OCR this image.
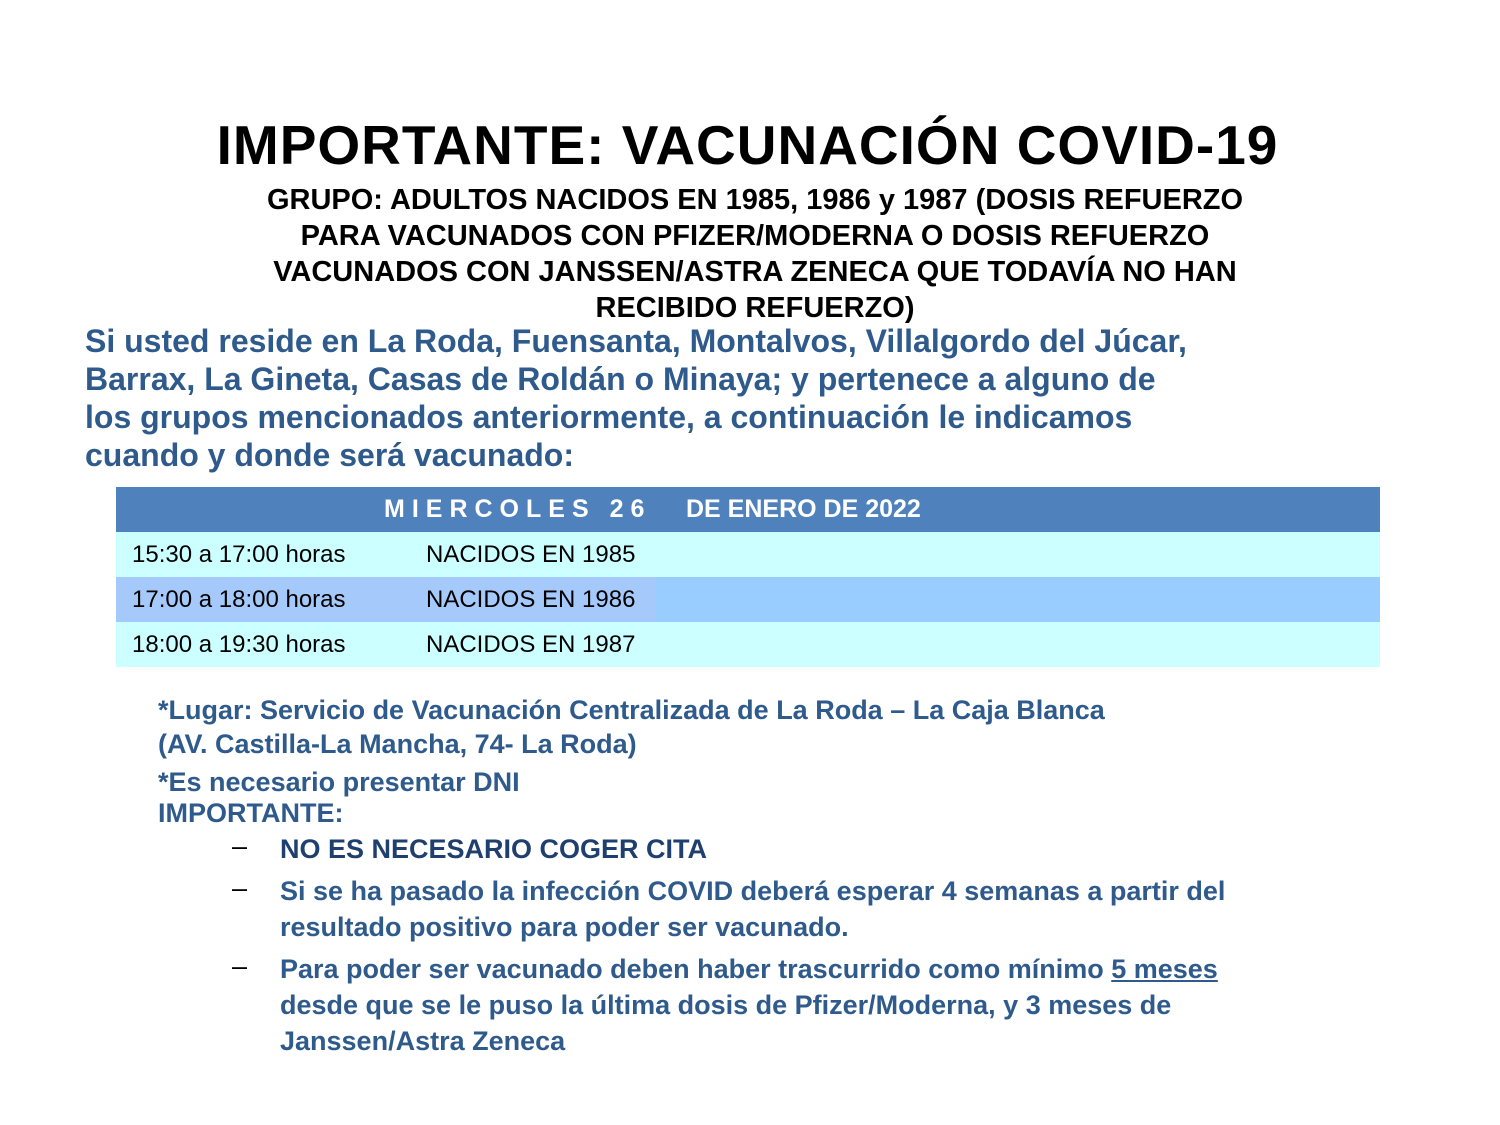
IMPORTANTE: VACUNACIÓN COVID-19
GRUPO: ADULTOS NACIDOS EN 1985, 1986 y 1987 (DOSIS REFUERZO
PARA VACUNADOS CON PFIZER/MODERNA O DOSIS REFUERZO
VACUNADOS CON JANSSEN/ASTRA ZENECA QUE TODAVÍA NO HAN
RECIBIDO REFUERZO)
Si usted reside en La Roda, Fuensanta, Montalvos, Villalgordo del Júcar,
Barrax, La Gineta, Casas de Roldán o Minaya; y pertenece a alguno de
los grupos mencionados anteriormente, a continuación le indicamos
cuando y donde será vacunado:
MIERCOLES 26 DE ENERO DE 2022
15:30 a 17:00 horas	NACIDOS EN 1985
17:00 a 18:00 horas	NACIDOS EN 1986
18:00 a 19:30 horas	NACIDOS EN 1987
*Lugar: Servicio de Vacunación Centralizada de La Roda – La Caja Blanca
(AV. Castilla-La Mancha, 74- La Roda)
*Es necesario presentar DNI
IMPORTANTE:
–	NO ES NECESARIO COGER CITA
–	Si se ha pasado la infección COVID deberá esperar 4 semanas a partir del
resultado positivo para poder ser vacunado.
–	Para poder ser vacunado deben haber trascurrido como mínimo 5 meses
desde que se le puso la última dosis de Pfizer/Moderna, y 3 meses de
Janssen/Astra Zeneca
